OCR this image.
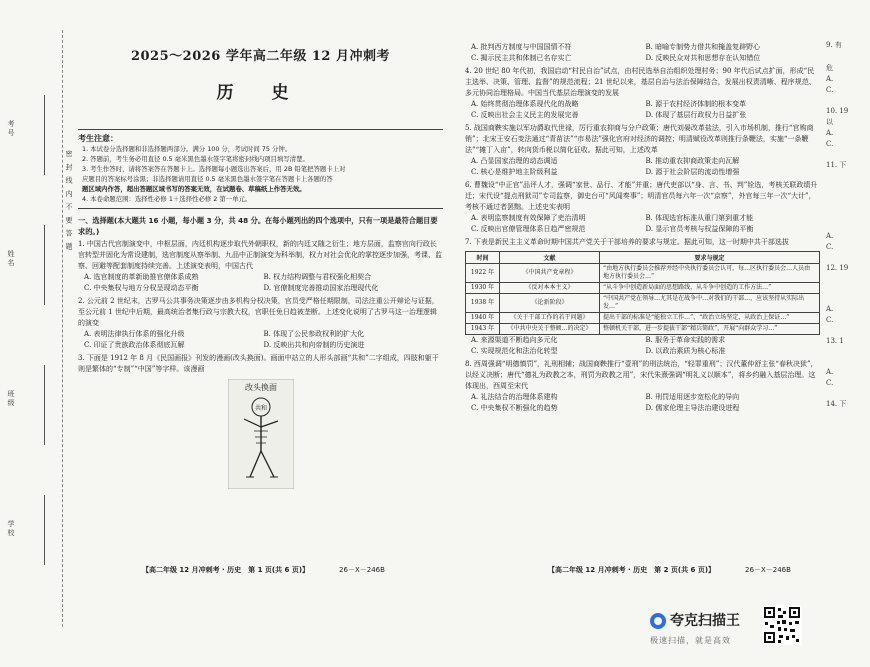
考号
姓名
班级
学校
密 封 线 内 不 要 答 题
2025～2026 学年高二年级 12 月冲刺考
历 史
考生注意：
1. 本试卷分选择题和非选择题两部分。满分 100 分，考试时间 75 分钟。
2. 答题前，考生务必用直径 0.5 毫米黑色墨水签字笔将密封线内项目填写清楚。
3. 考生作答时，请将答案答在答题卡上。选择题每小题选出答案后，用 2B 铅笔把答题卡上对
应题目的答案标号涂黑；非选择题请用直径 0.5 毫米黑色墨水签字笔在答题卡上各题的答
题区域内作答，超出答题区域书写的答案无效，在试题卷、草稿纸上作答无效。
4. 本卷命题范围：选择性必修 1＋选择性必修 2 第一单元。
一、选择题(本大题共 16 小题，每小题 3 分，共 48 分。在每小题列出的四个选项中，只有一项是最符合题目要求的。)
1. 中国古代官制演变中，中枢层面，内廷机构逐步取代外朝职权，新的内廷又随之衍生；地方层面，监察官向行政长官转型并固化为常设建制，选官制度从察举制、九品中正制演变为科举制，权力对社会优化的掌控逐步加强，考课、监察、回避等配套制度持续完善。上述演变表明，中国古代
A. 选官制度的革新助推官僚体系成熟	B. 权力结构调整与君权强化相契合
C. 中央集权与地方分权呈现动态平衡	D. 官僚制度完善推动国家治理现代化
2. 公元前 2 世纪末，古罗马公共事务决策逐步由多机构分权决策，官员受严格任期限制，司法注重公开辩论与证据，至公元前 1 世纪中后期，最高统治者集行政与宗教大权，官职任免日趋被垄断。上述变化说明了古罗马这一治理逻辑的演变
A. 表明法律执行体系的强化升级	B. 体现了公民参政权利的扩大化
C. 印证了贵族政治体系彻底瓦解	D. 反映出共和向帝制的历史演进
3. 下面是 1912 年 8 月《民国画报》刊发的漫画(改头换面)。画面中站立的人形头部画“共和”二字组成，四肢和躯干则是繁体的“专制”“中国”等字样。该漫画
改头换面
共和
【高二年级 12 月冲刺考 · 历史　第 1 页(共 6 页)】	26－X－246B
A. 批判西方制度与中国国情不符	B. 暗喻专制势力借共和掩盖复辟野心
C. 揭示民主共和体制已名存实亡	D. 反映民众对共和思想存在认知错位
4. 20 世纪 80 年代初，我国启动“村民自治”试点，由村民选举自治组织处理村务；90 年代后试点扩面，形成“民主选举、决策、管理、监督”的规范流程；21 世纪以来，基层自治与法治保障结合，发展出权责清晰、程序规范、多元协同治理格局。中国当代基层治理演变的发展
A. 始终贯彻治理体系现代化的战略	B. 源于农村经济体制的根本变革
C. 反映出社会主义民主的发展完善	D. 体现了基层行政权力日益扩张
5. 战国商鞅实施以军功爵取代世禄，厉行重农抑商与分户政策；唐代刘晏改革盐法，引入市场机制，推行“官购商销”；北宋王安石变法通过“青苗法”“市易法”强化官府对经济的调控；明清赋役改革则推行条鞭法，实施“一条鞭法”“摊丁入亩”，转向货币税以简化征收。据此可知，上述改革
A. 凸显国家治理的动态调适	B. 推动重农抑商政策走向瓦解
C. 核心是维护地主阶级利益	D. 源于社会阶层的流动性增强
6. 曹魏设“中正官”品评人才，强调“家世、品行、才能”并重；唐代吏部以“身、言、书、判”铨选，考核关联政绩升迁；宋代设“提点刑狱司”专司监察，御史台可“风闻奏事”；明清官员每六年一次“京察”，外官每三年一次“大计”，考核不通过者罢黜。上述史实表明
A. 表明监察制度有效保障了吏治清明	B. 体现选官标准从重门第到重才能
C. 反映出官僚管理体系日趋严密规范	D. 显示官员考核与权益保障的平衡
7. 下表是新民主主义革命时期中国共产党关于干部培养的要求与规定。据此可知，这一时期中共干部选拔
时间	文献	要求与规定
1922 年	《中国共产党章程》	“由地方执行委员会推荐并经中央执行委员会认可，每…区执行委员会…人员由地方执行委员会…”
1930 年	《反对本本主义》	“从斗争中创造新局面的思想路线，从斗争中创造的工作方法…”
1938 年	《论新阶段》	“中国共产党在领导…尤其是在战争中…对我们的干部…，应该坚持从实际出发…”
1940 年	《关于干部工作的若干问题》	提出干部的标准是“能独立工作…”，“政治立场坚定，从政治上保证…”
1943 年	《中共中央关于整顿…的决定》	整顿机关干部，进一步提拔干部“精兵简政”，开展“向群众学习…”
A. 来源渠道不断趋向多元化	B. 服务于革命实践的需求
C. 实现规范化和法治化转型	D. 以政治素质为核心标准
8. 西周强调“明德慎罚”，礼刑相辅；战国商鞅推行“壹刑”的刑法统治，“轻罪重刑”；汉代董仲舒主张“春秋决狱”，以经义决断；唐代“德礼为政教之本，刑罚为政教之用”，宋代朱熹强调“明礼义以顺本”，将乡约融入基层治理。这体现出，西周至宋代
A. 礼法结合的治理体系建构	B. 刑罚适用逐步宽松化的导向
C. 中央集权不断强化的趋势	D. 儒家伦理主导法治建设进程
【高二年级 12 月冲刺考 · 历史　第 2 页(共 6 页)】	26－X－246B
9. 有
危
A.
C.
10. 19
以
A.
C.
11. 下
A.
C.
12. 19
A.
C.
13. 1
A.
C.
14. 下
夸克扫描王
极速扫描，就是高效
